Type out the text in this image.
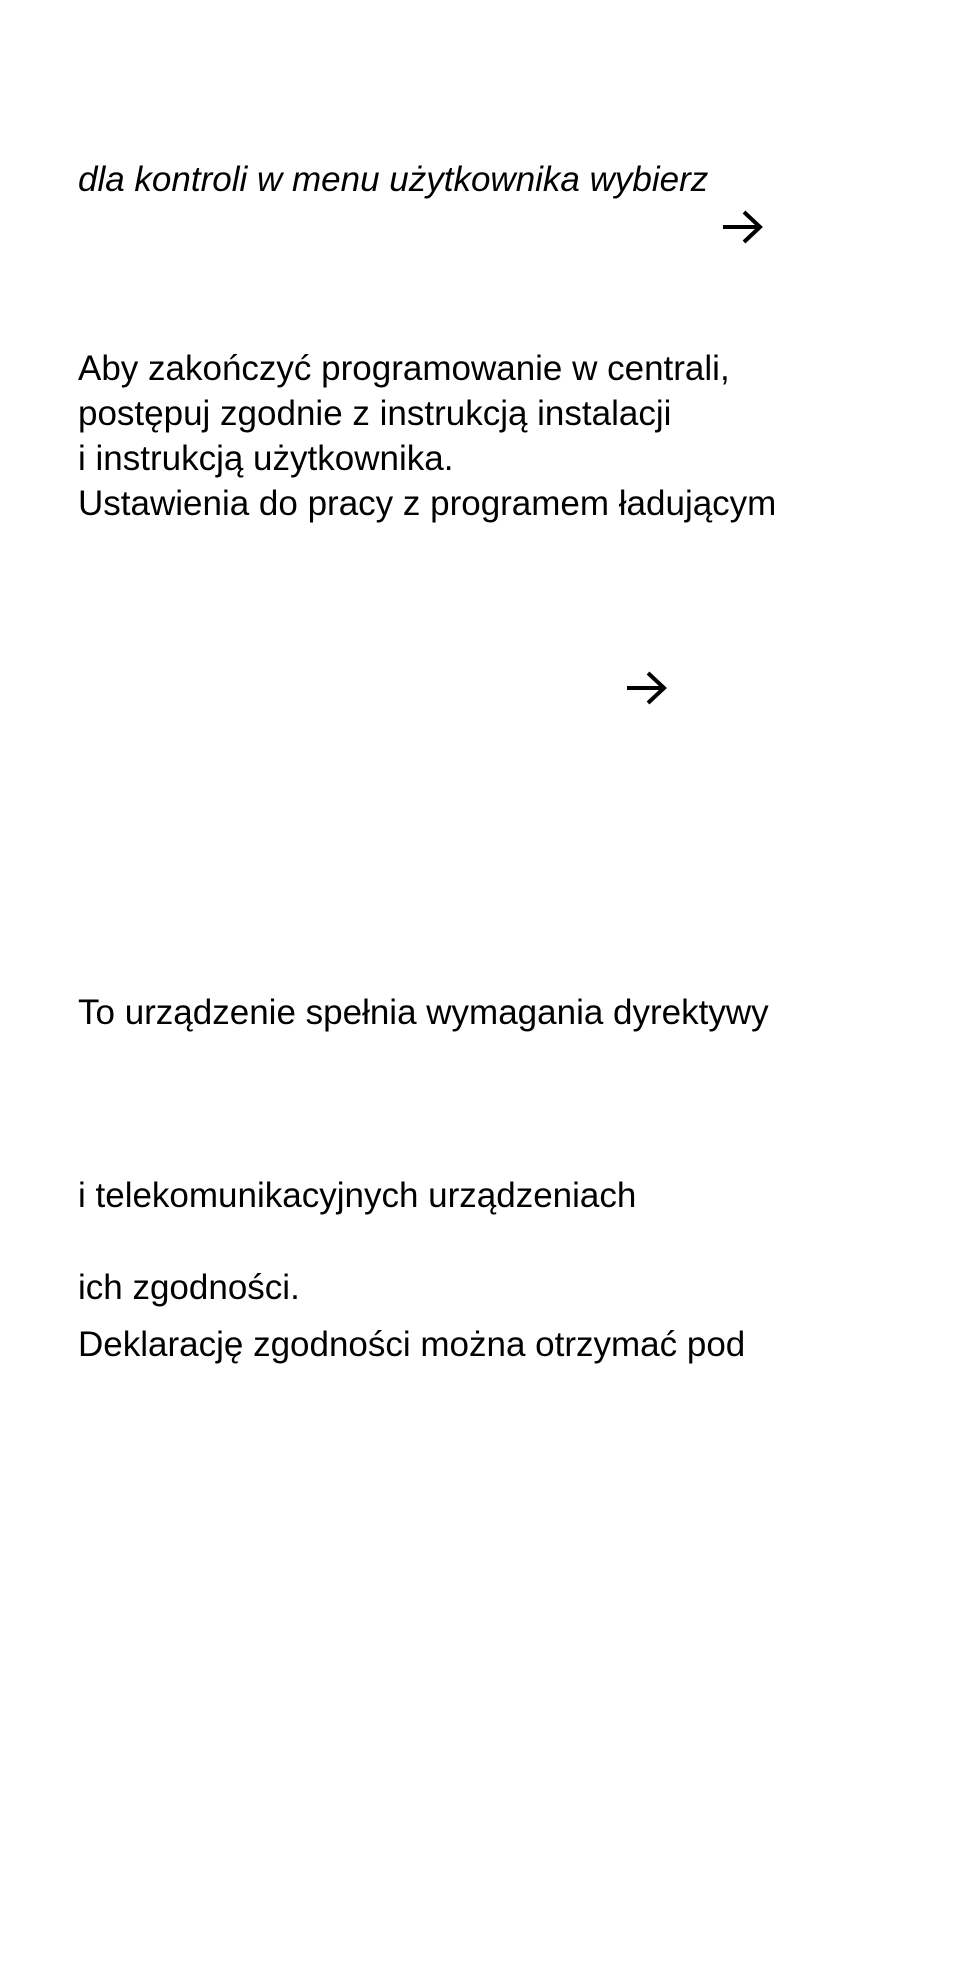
dla kontroli w menu użytkownika wybierz

Aby zakończyć programowanie w centrali,

postępuj zgodnie z instrukcją instalacji

i instrukcją użytkownika.

Ustawienia do pracy z programem ładującym

To urządzenie spełnia wymagania dyrektywy

i telekomunikacyjnych urządzeniach

ich zgodności.

Deklarację zgodności można otrzymać pod
